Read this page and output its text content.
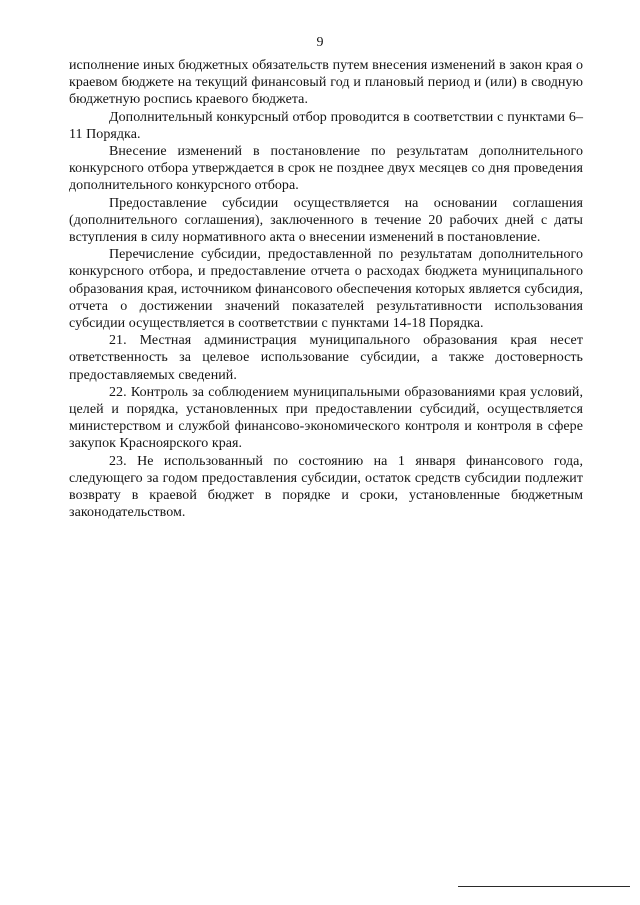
9

исполнение иных бюджетных обязательств путем внесения изменений в закон края о краевом бюджете на текущий финансовый год и плановый период и (или) в сводную бюджетную роспись краевого бюджета.

Дополнительный конкурсный отбор проводится в соответствии с пунктами 6–11 Порядка.

Внесение изменений в постановление по результатам дополнительного конкурсного отбора утверждается в срок не позднее двух месяцев со дня проведения дополнительного конкурсного отбора.

Предоставление субсидии осуществляется на основании соглашения (дополнительного соглашения), заключенного в течение 20 рабочих дней с даты вступления в силу нормативного акта о внесении изменений в постановление.

Перечисление субсидии, предоставленной по результатам дополнительного конкурсного отбора, и предоставление отчета о расходах бюджета муниципального образования края, источником финансового обеспечения которых является субсидия, отчета о достижении значений показателей результативности использования субсидии осуществляется в соответствии с пунктами 14-18 Порядка.

21. Местная администрация муниципального образования края несет ответственность за целевое использование субсидии, а также достоверность предоставляемых сведений.

22. Контроль за соблюдением муниципальными образованиями края условий, целей и порядка, установленных при предоставлении субсидий, осуществляется министерством и службой финансово-экономического контроля и контроля в сфере закупок Красноярского края.

23. Не использованный по состоянию на 1 января финансового года, следующего за годом предоставления субсидии, остаток средств субсидии подлежит возврату в краевой бюджет в порядке и сроки, установленные бюджетным законодательством.
